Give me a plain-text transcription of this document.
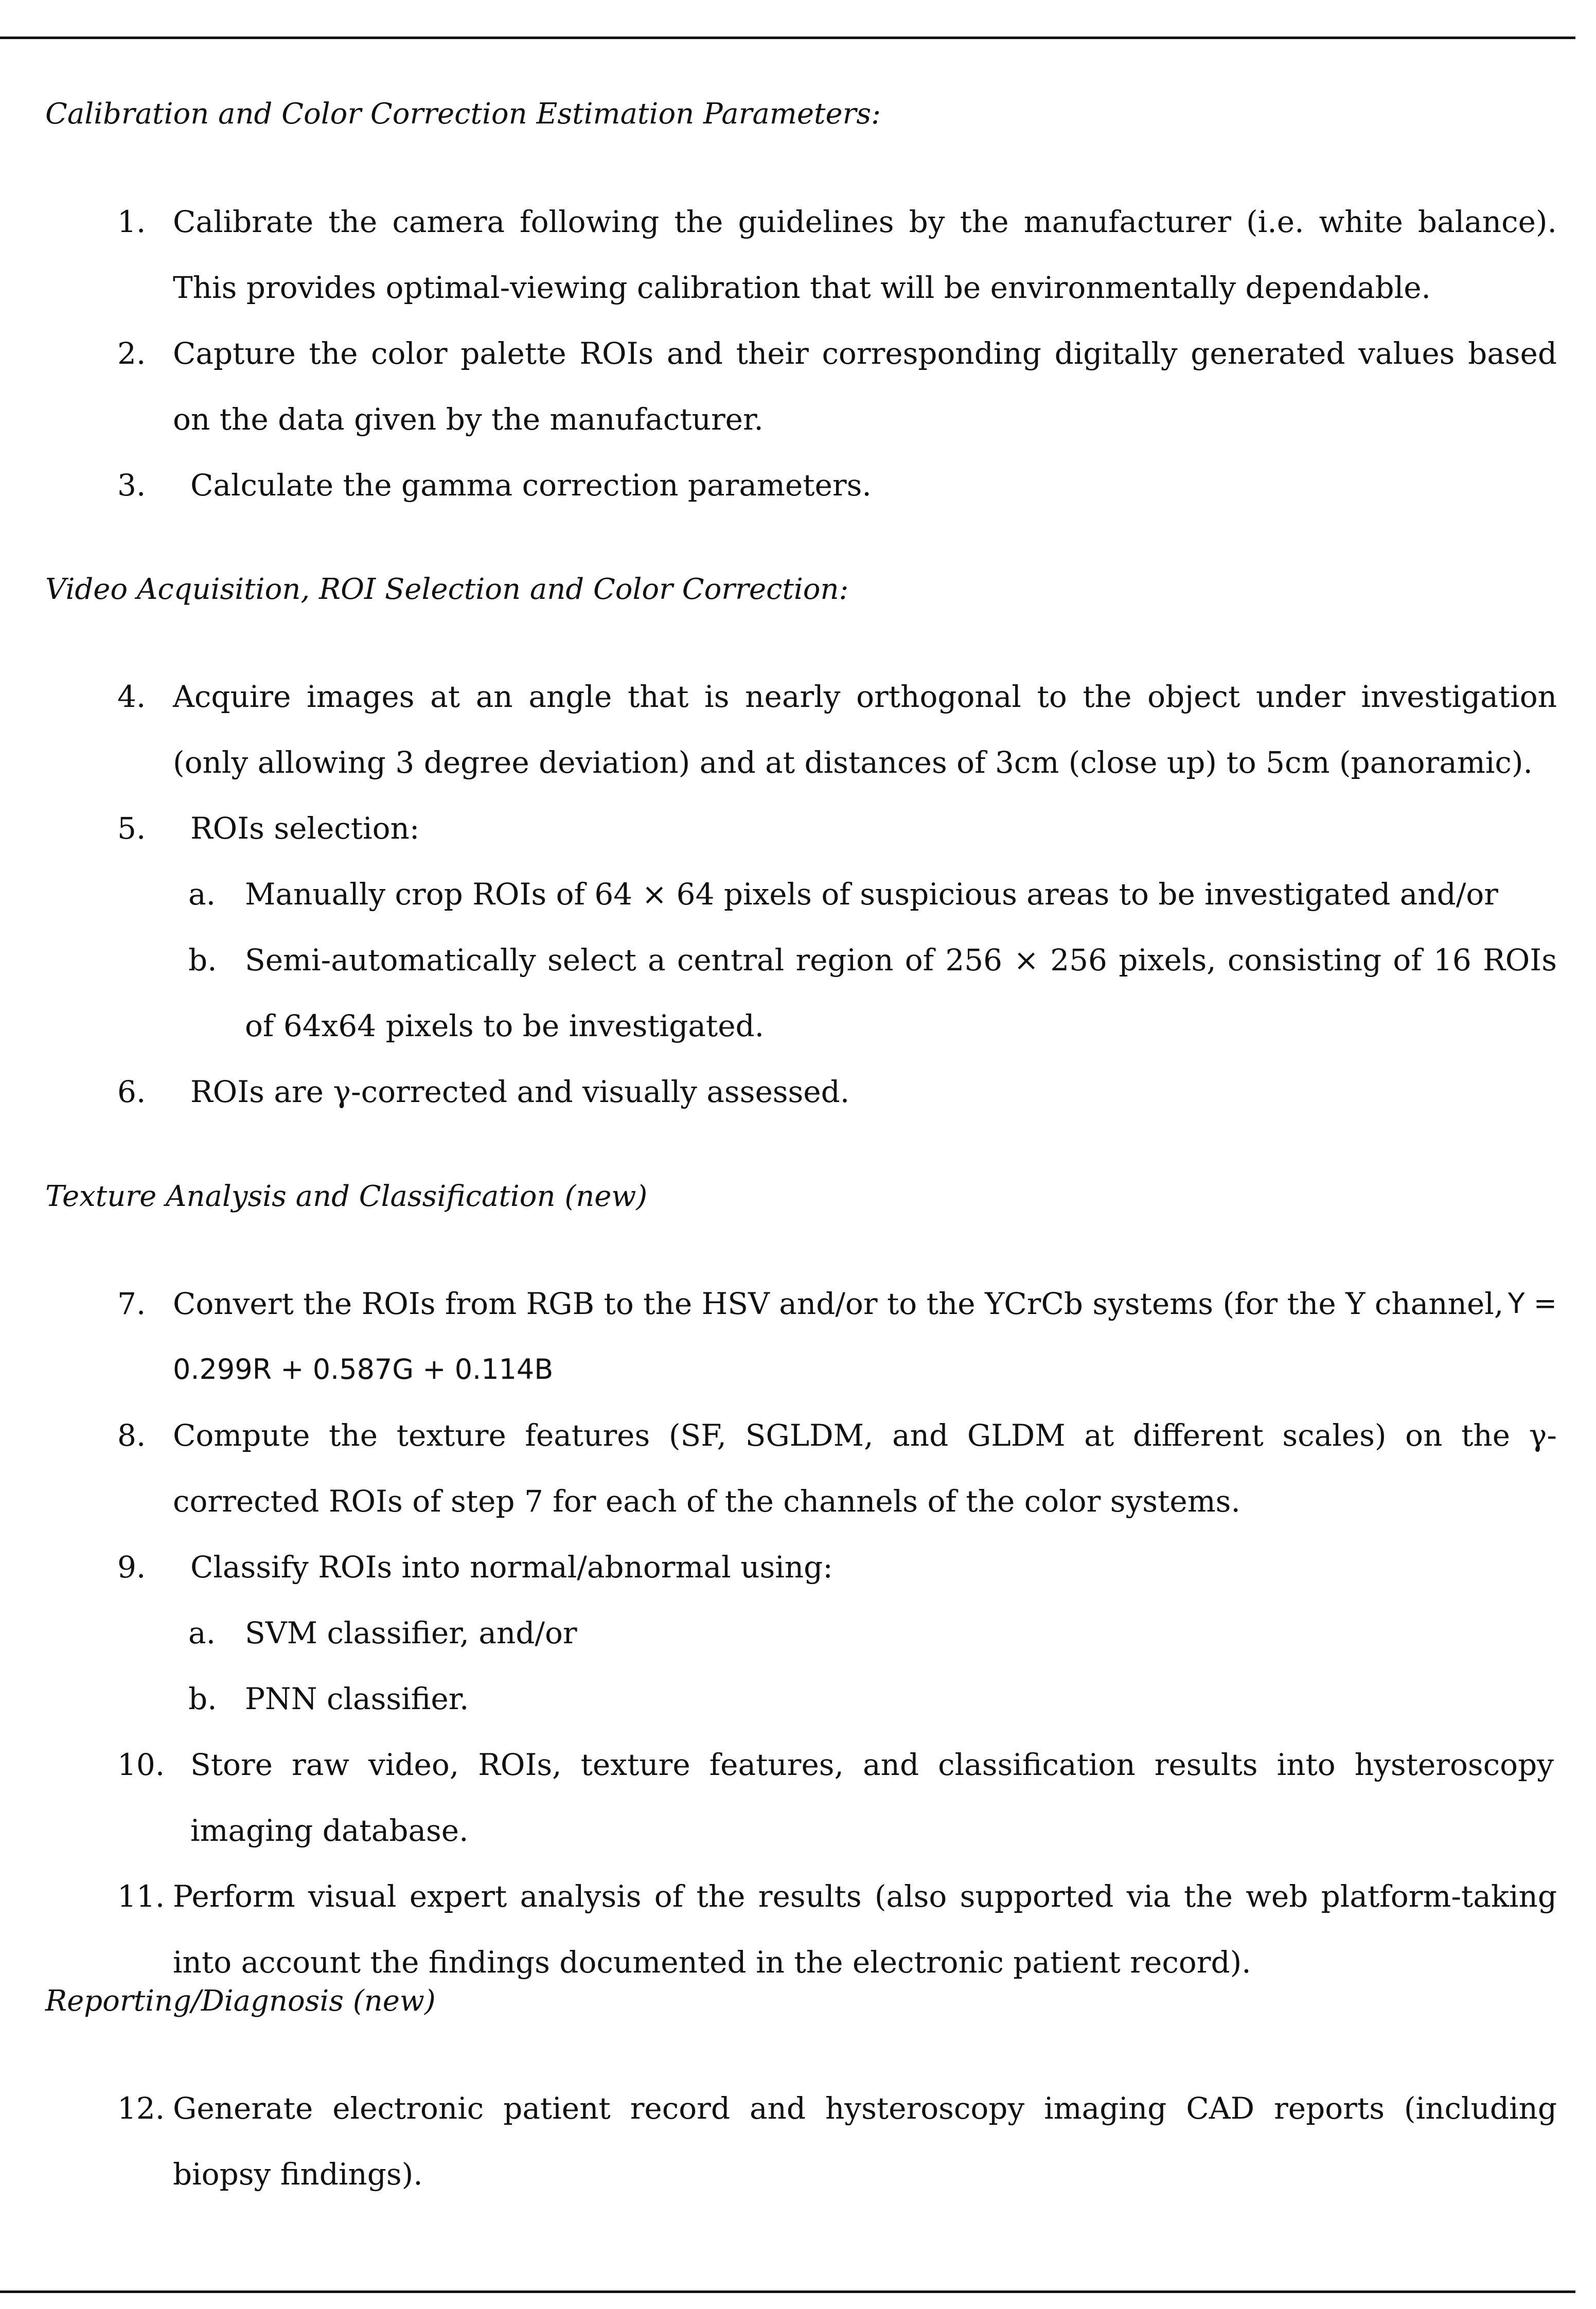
Calibration and Color Correction Estimation Parameters:
1. Calibrate the camera following the guidelines by the manufacturer (i.e. white balance). This provides optimal-viewing calibration that will be environmentally dependable.
2. Capture the color palette ROIs and their corresponding digitally generated values based on the data given by the manufacturer.
3. Calculate the gamma correction parameters.
Video Acquisition, ROI Selection and Color Correction:
4. Acquire images at an angle that is nearly orthogonal to the object under investigation (only allowing 3 degree deviation) and at distances of 3cm (close up) to 5cm (panoramic).
5. ROIs selection:
a. Manually crop ROIs of 64 × 64 pixels of suspicious areas to be investigated and/or
b. Semi-automatically select a central region of 256 × 256 pixels, consisting of 16 ROIs of 64x64 pixels to be investigated.
6. ROIs are γ-corrected and visually assessed.
Texture Analysis and Classification (new)
7. Convert the ROIs from RGB to the HSV and/or to the YCrCb systems (for the Y channel, Y =
0.299R + 0.587G + 0.114B
8. Compute the texture features (SF, SGLDM, and GLDM at different scales) on the γ-corrected ROIs of step 7 for each of the channels of the color systems.
9. Classify ROIs into normal/abnormal using:
a. SVM classifier, and/or
b. PNN classifier.
10. Store raw video, ROIs, texture features, and classification results into hysteroscopy imaging database.
11. Perform visual expert analysis of the results (also supported via the web platform-taking into account the findings documented in the electronic patient record).
Reporting/Diagnosis (new)
12. Generate electronic patient record and hysteroscopy imaging CAD reports (including biopsy findings).
